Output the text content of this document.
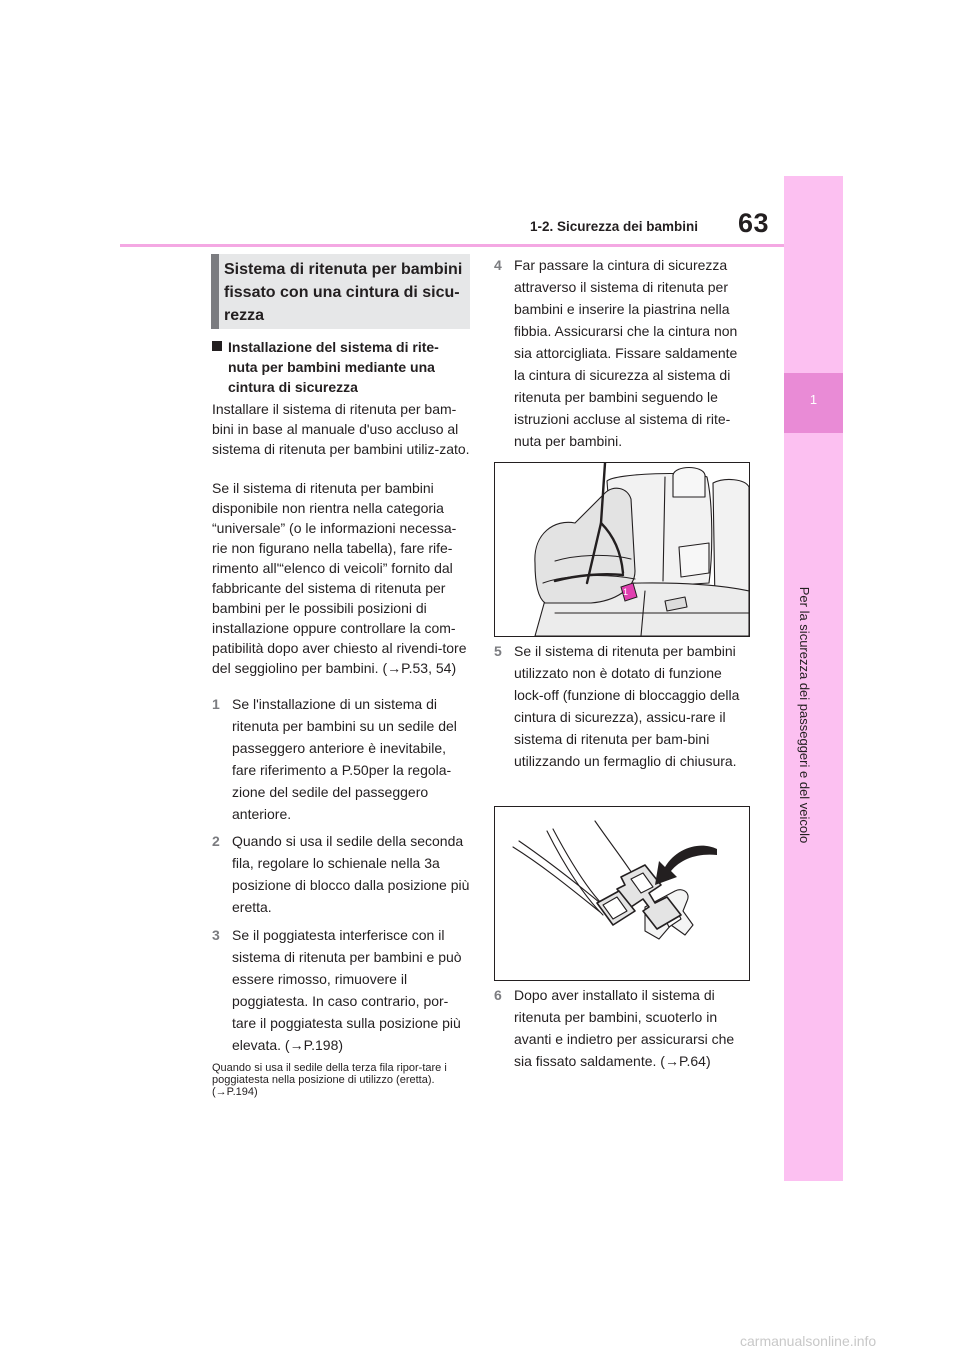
1-2. Sicurezza dei bambini 63
1
Per la sicurezza dei passeggeri e del veicolo
Sistema di ritenuta per bambini fissato con una cintura di sicu-rezza
Installazione del sistema di rite-nuta per bambini mediante una cintura di sicurezza
Installare il sistema di ritenuta per bam-bini in base al manuale d'uso accluso al sistema di ritenuta per bambini utiliz-zato.
Se il sistema di ritenuta per bambini disponibile non rientra nella categoria “universale” (o le informazioni necessa-rie non figurano nella tabella), fare rife-rimento all'“elenco di veicoli” fornito dal fabbricante del sistema di ritenuta per bambini per le possibili posizioni di installazione oppure controllare la com-patibilità dopo aver chiesto al rivendi-tore del seggiolino per bambini. (→P.53, 54)
1 Se l'installazione di un sistema di ritenuta per bambini su un sedile del passeggero anteriore è inevitabile, fare riferimento a P.50per la regola-zione del sedile del passeggero anteriore.
2 Quando si usa il sedile della seconda fila, regolare lo schienale nella 3a posizione di blocco dalla posizione più eretta.
3 Se il poggiatesta interferisce con il sistema di ritenuta per bambini e può essere rimosso, rimuovere il poggiatesta. In caso contrario, por-tare il poggiatesta sulla posizione più elevata. (→P.198)
Quando si usa il sedile della terza fila ripor-tare i poggiatesta nella posizione di utilizzo (eretta). (→P.194)
4 Far passare la cintura di sicurezza attraverso il sistema di ritenuta per bambini e inserire la piastrina nella fibbia. Assicurarsi che la cintura non sia attorcigliata. Fissare saldamente la cintura di sicurezza al sistema di ritenuta per bambini seguendo le istruzioni accluse al sistema di rite-nuta per bambini.
1
5 Se il sistema di ritenuta per bambini utilizzato non è dotato di funzione lock-off (funzione di bloccaggio della cintura di sicurezza), assicu-rare il sistema di ritenuta per bam-bini utilizzando un fermaglio di chiusura.
6 Dopo aver installato il sistema di ritenuta per bambini, scuoterlo in avanti e indietro per assicurarsi che sia fissato saldamente. (→P.64)
carmanualsonline.info
